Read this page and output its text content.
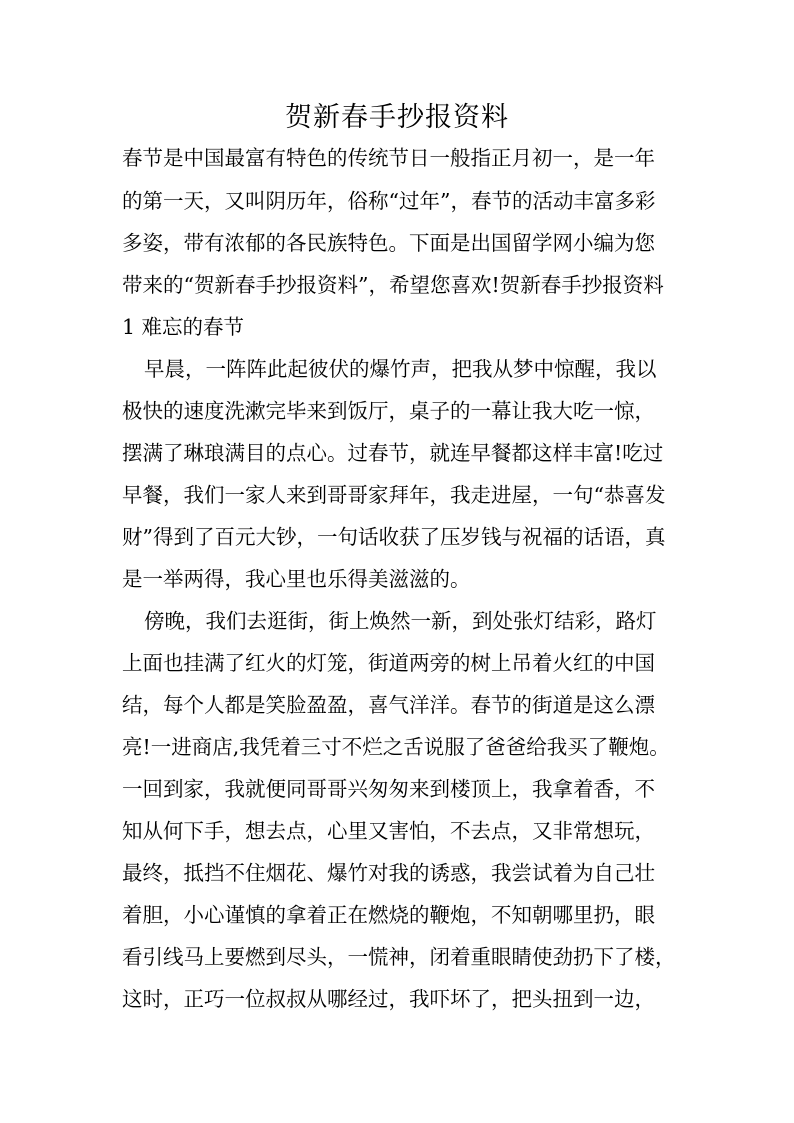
贺新春手抄报资料
春节是中国最富有特色的传统节日一般指正月初一，是一年
的第一天，又叫阴历年，俗称“过年”，春节的活动丰富多彩
多姿，带有浓郁的各民族特色。下面是出国留学网小编为您
带来的“贺新春手抄报资料”，希望您喜欢!贺新春手抄报资料
1 难忘的春节
早晨，一阵阵此起彼伏的爆竹声，把我从梦中惊醒，我以
极快的速度洗漱完毕来到饭厅，桌子的一幕让我大吃一惊，
摆满了琳琅满目的点心。过春节，就连早餐都这样丰富!吃过
早餐，我们一家人来到哥哥家拜年，我走进屋，一句“恭喜发
财”得到了百元大钞，一句话收获了压岁钱与祝福的话语，真
是一举两得，我心里也乐得美滋滋的。
傍晚，我们去逛街，街上焕然一新，到处张灯结彩，路灯
上面也挂满了红火的灯笼，街道两旁的树上吊着火红的中国
结，每个人都是笑脸盈盈，喜气洋洋。春节的街道是这么漂
亮!一进商店,我凭着三寸不烂之舌说服了爸爸给我买了鞭炮。
一回到家，我就便同哥哥兴匆匆来到楼顶上，我拿着香，不
知从何下手，想去点，心里又害怕，不去点，又非常想玩，
最终，抵挡不住烟花、爆竹对我的诱惑，我尝试着为自己壮
着胆，小心谨慎的拿着正在燃烧的鞭炮，不知朝哪里扔，眼
看引线马上要燃到尽头，一慌神，闭着重眼睛使劲扔下了楼，
这时，正巧一位叔叔从哪经过，我吓坏了，把头扭到一边，
